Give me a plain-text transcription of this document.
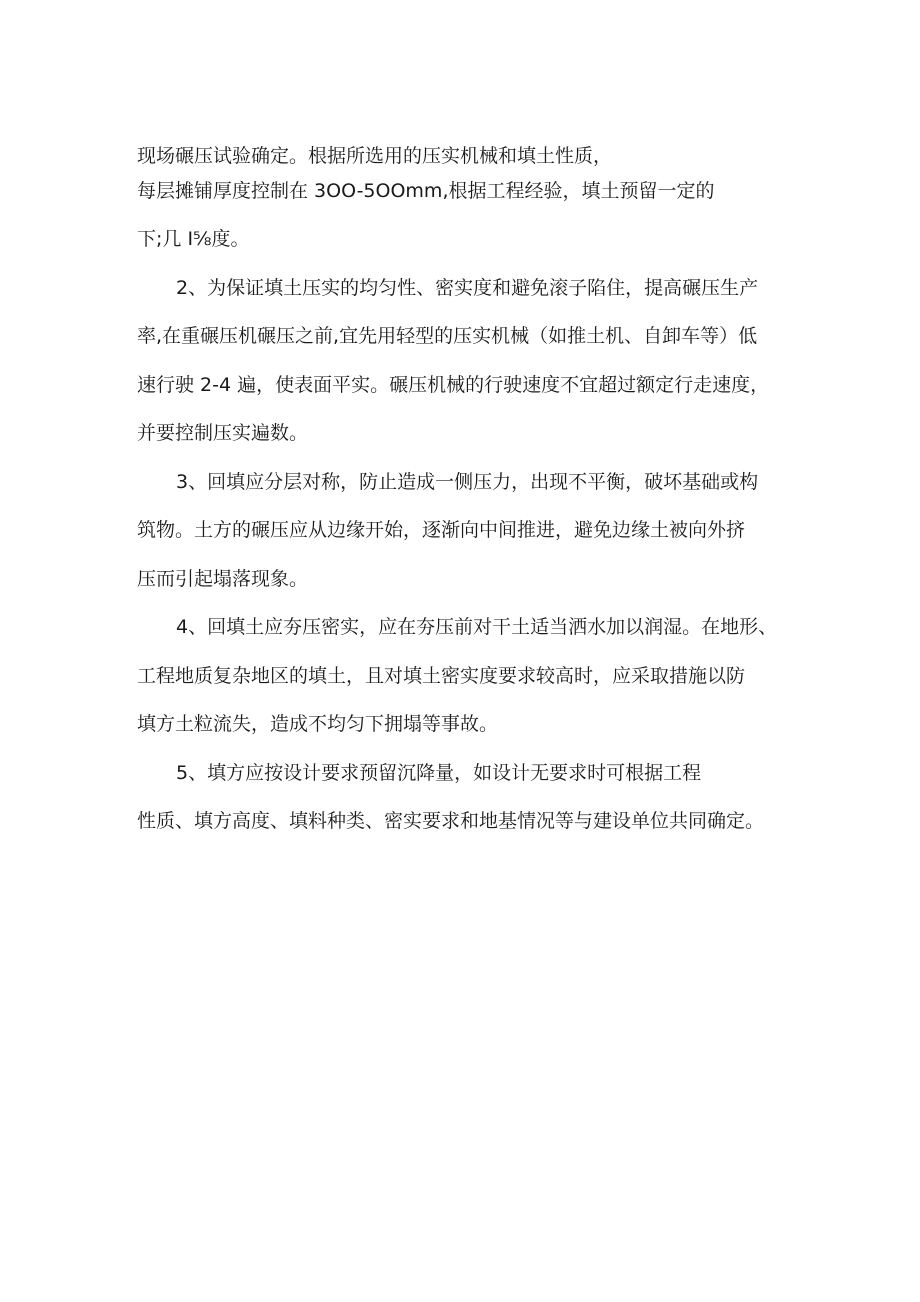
现场碾压试验确定。根据所选用的压实机械和填土性质，
每层摊铺厚度控制在 3OO-5OOmm,根据工程经验，填土预留一定的
下;几 I⅝度。
2、为保证填土压实的均匀性、密实度和避免滚子陷住，提高碾压生产
率,在重碾压机碾压之前,宜先用轻型的压实机械（如推土机、自卸车等）低
速行驶 2-4 遍，使表面平实。碾压机械的行驶速度不宜超过额定行走速度，
并要控制压实遍数。
3、回填应分层对称，防止造成一侧压力，出现不平衡，破坏基础或构
筑物。土方的碾压应从边缘开始，逐渐向中间推进，避免边缘土被向外挤
压而引起塌落现象。
4、回填土应夯压密实，应在夯压前对干土适当洒水加以润湿。在地形、
工程地质复杂地区的填土，且对填土密实度要求较高时，应采取措施以防
填方土粒流失，造成不均匀下拥塌等事故。
5、填方应按设计要求预留沉降量，如设计无要求时可根据工程
性质、填方高度、填料种类、密实要求和地基情况等与建设单位共同确定。
